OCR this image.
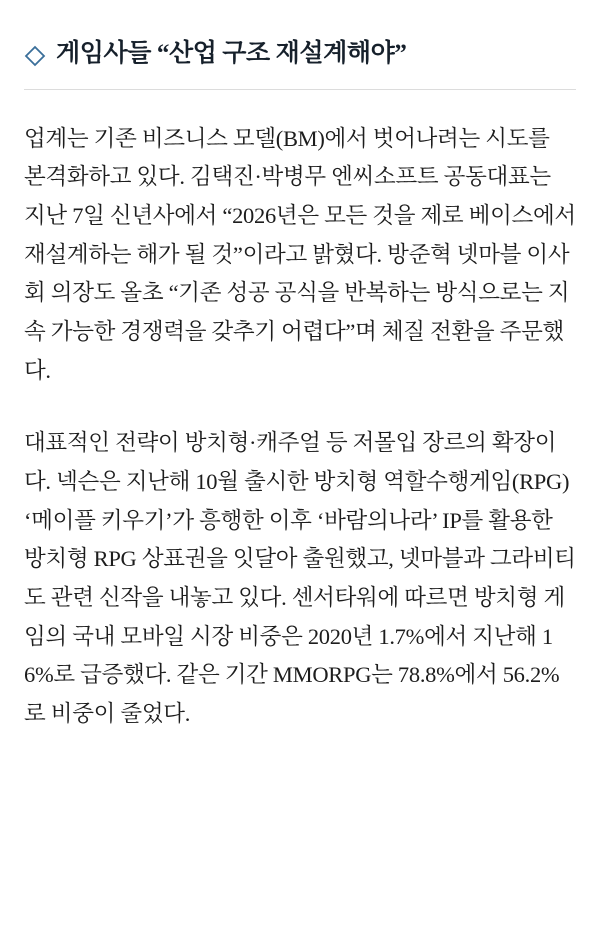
게임사들 “산업 구조 재설계해야”

업계는 기존 비즈니스 모델(BM)에서 벗어나려는 시도를 본격화하고 있다. 김택진·박병무 엔씨소프트 공동대표는 지난 7일 신년사에서 “2026년은 모든 것을 제로 베이스에서 재설계하는 해가 될 것”이라고 밝혔다. 방준혁 넷마블 이사회 의장도 올초 “기존 성공 공식을 반복하는 방식으로는 지속 가능한 경쟁력을 갖추기 어렵다”며 체질 전환을 주문했다.

대표적인 전략이 방치형·캐주얼 등 저몰입 장르의 확장이다. 넥슨은 지난해 10월 출시한 방치형 역할수행게임(RPG) ‘메이플 키우기’가 흥행한 이후 ‘바람의나라’ IP를 활용한 방치형 RPG 상표권을 잇달아 출원했고, 넷마블과 그라비티도 관련 신작을 내놓고 있다. 센서타워에 따르면 방치형 게임의 국내 모바일 시장 비중은 2020년 1.7%에서 지난해 16%로 급증했다. 같은 기간 MMORPG는 78.8%에서 56.2%로 비중이 줄었다.
